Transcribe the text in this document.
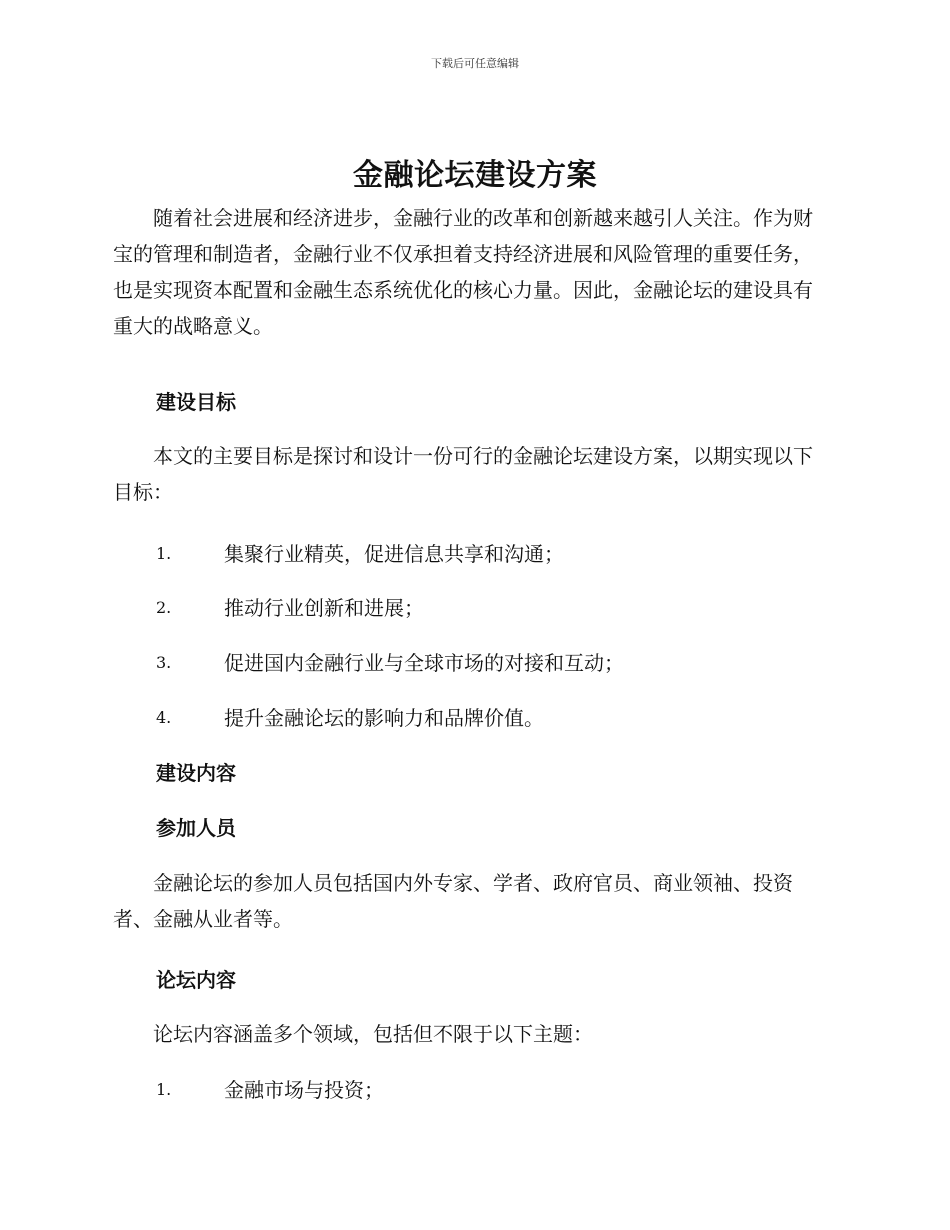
下载后可任意编辑
金融论坛建设方案

随着社会进展和经济进步，金融行业的改革和创新越来越引人关注。作为财宝的管理和制造者，金融行业不仅承担着支持经济进展和风险管理的重要任务，也是实现资本配置和金融生态系统优化的核心力量。因此，金融论坛的建设具有重大的战略意义。

建设目标

本文的主要目标是探讨和设计一份可行的金融论坛建设方案，以期实现以下目标：

1.	集聚行业精英，促进信息共享和沟通；
2.	推动行业创新和进展；
3.	促进国内金融行业与全球市场的对接和互动；
4.	提升金融论坛的影响力和品牌价值。
建设内容
参加人员

金融论坛的参加人员包括国内外专家、学者、政府官员、商业领袖、投资者、金融从业者等。

论坛内容

论坛内容涵盖多个领域，包括但不限于以下主题：

1.	金融市场与投资；
